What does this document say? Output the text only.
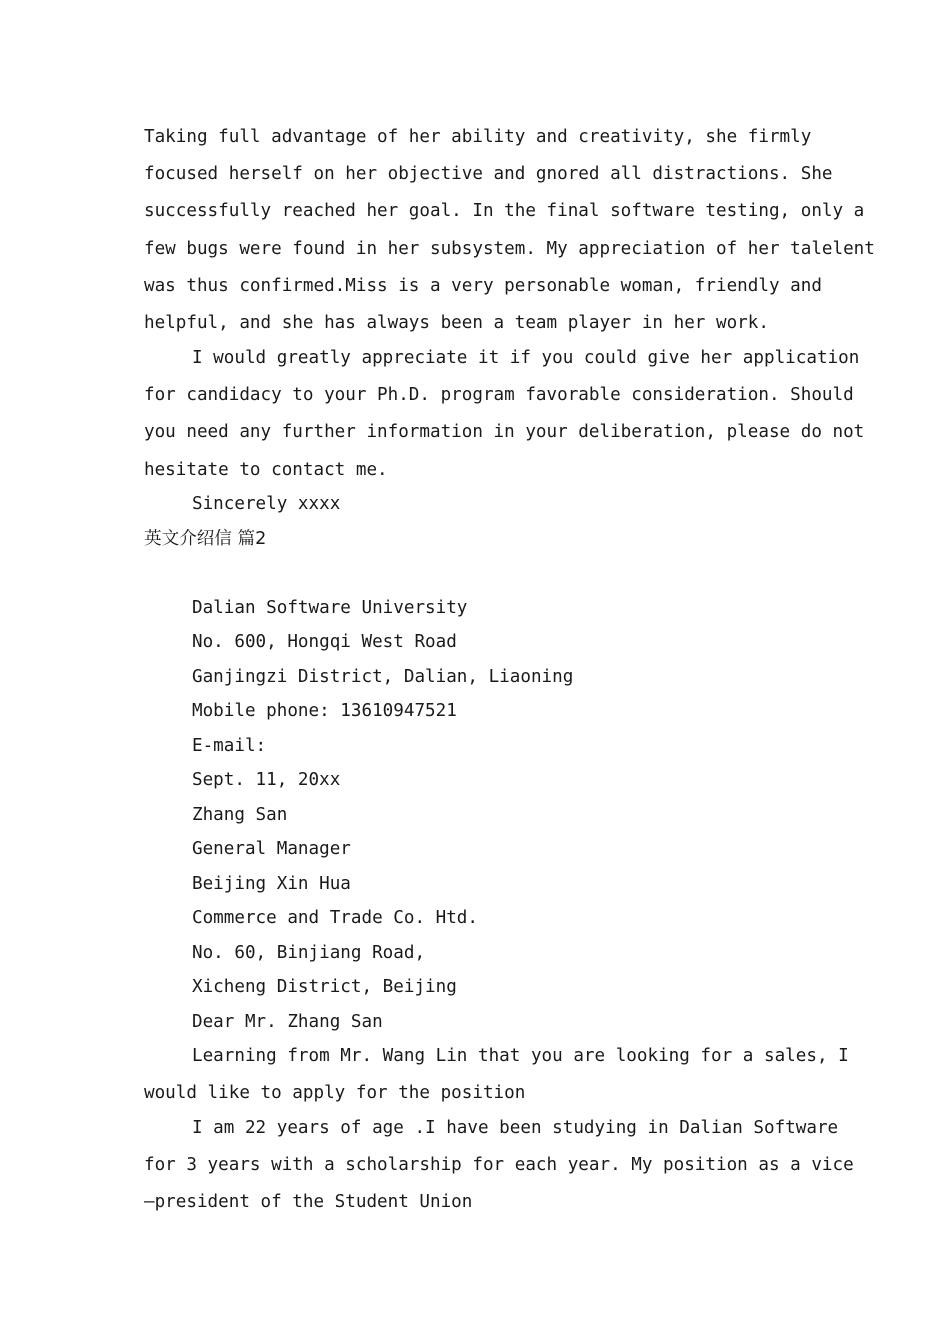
Taking full advantage of her ability and creativity, she firmly
focused herself on her objective and gnored all distractions. She
successfully reached her goal. In the final software testing, only a
few bugs were found in her subsystem. My appreciation of her talelent
was thus confirmed.Miss is a very personable woman, friendly and
helpful, and she has always been a team player in her work.
I would greatly appreciate it if you could give her application
for candidacy to your Ph.D. program favorable consideration. Should
you need any further information in your deliberation, please do not
hesitate to contact me.
Sincerely xxxx
英文介绍信 篇2
Dalian Software University
No. 600, Hongqi West Road
Ganjingzi District, Dalian, Liaoning
Mobile phone: 13610947521
E-mail:
Sept. 11, 20xx
Zhang San
General Manager
Beijing Xin Hua
Commerce and Trade Co. Htd.
No. 60, Binjiang Road,
Xicheng District, Beijing
Dear Mr. Zhang San
Learning from Mr. Wang Lin that you are looking for a sales, I
would like to apply for the position
I am 22 years of age .I have been studying in Dalian Software
for 3 years with a scholarship for each year. My position as a vice
–president of the Student Union
